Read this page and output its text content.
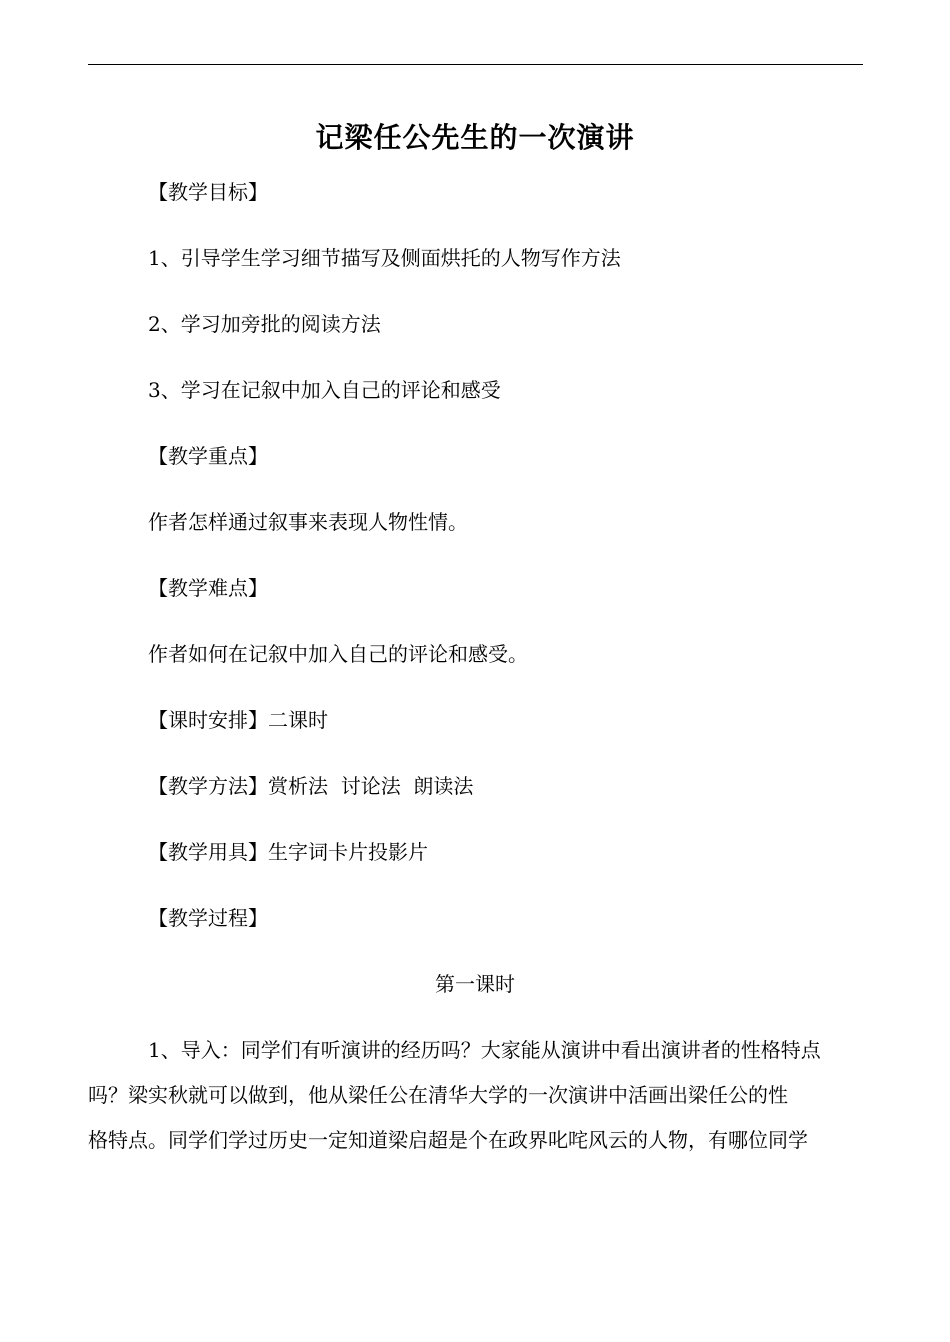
记梁任公先生的一次演讲
【教学目标】
1、引导学生学习细节描写及侧面烘托的人物写作方法
2、学习加旁批的阅读方法
3、学习在记叙中加入自己的评论和感受
【教学重点】
作者怎样通过叙事来表现人物性情。
【教学难点】
作者如何在记叙中加入自己的评论和感受。
【课时安排】二课时
【教学方法】赏析法  讨论法  朗读法
【教学用具】生字词卡片投影片
【教学过程】
第一课时
1、导入：同学们有听演讲的经历吗？大家能从演讲中看出演讲者的性格特点
吗？梁实秋就可以做到，他从梁任公在清华大学的一次演讲中活画出梁任公的性
格特点。同学们学过历史一定知道梁启超是个在政界叱咤风云的人物，有哪位同学
